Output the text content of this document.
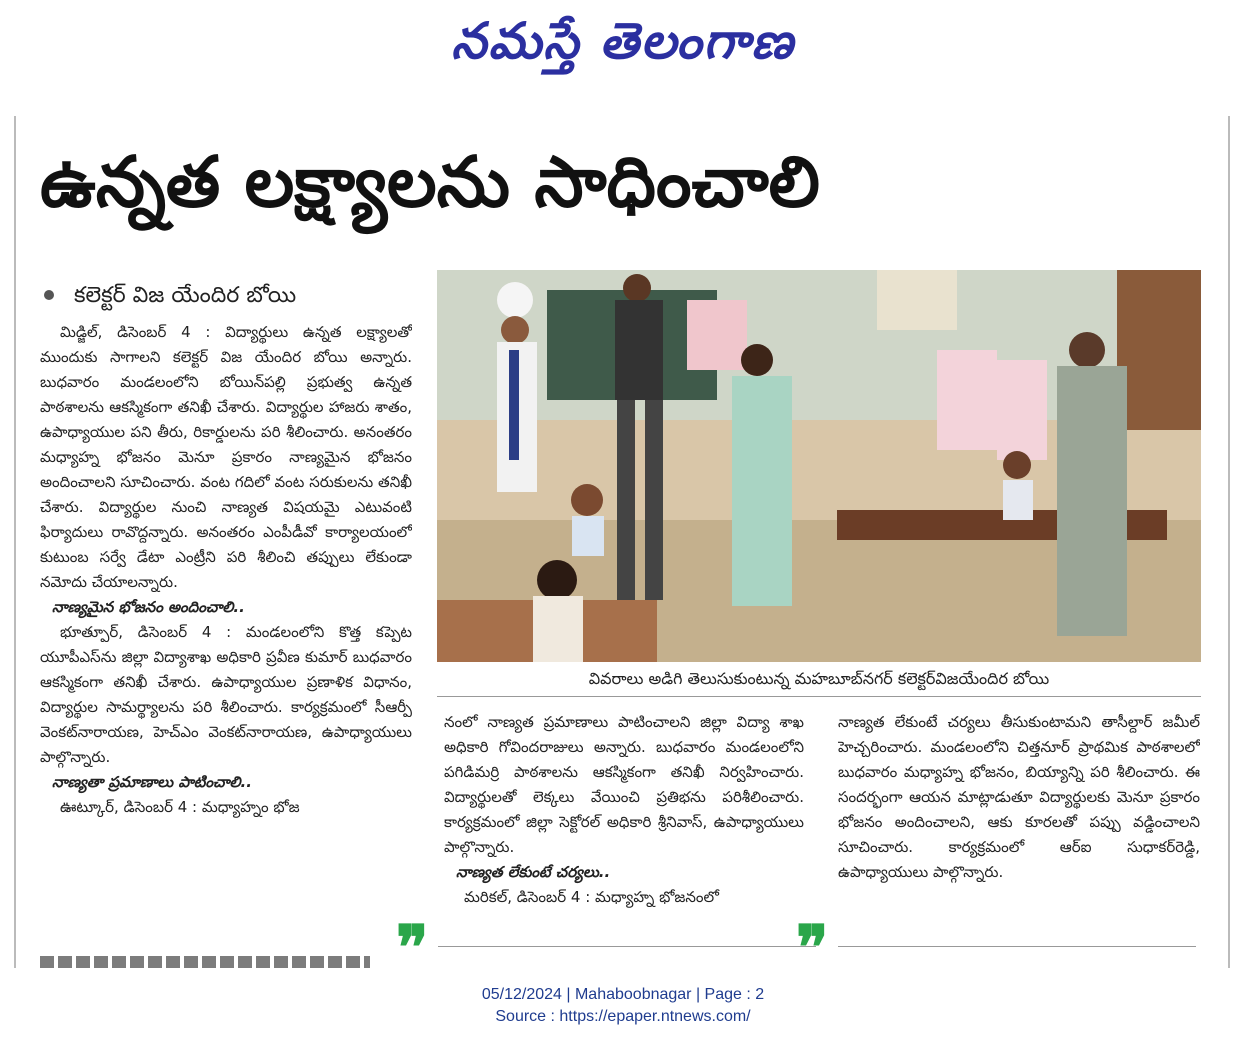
నమస్తే తెలంగాణ
ఉన్నత లక్ష్యాలను సాధించాలి
కలెక్టర్ విజ యేందిర బోయి

మిడ్జిల్, డిసెంబర్ 4 : విద్యార్థులు ఉన్నత లక్ష్యాలతో ముందుకు సాగాలని కలెక్టర్ విజ యేందిర బోయి అన్నారు. బుధవారం మండలంలోని బోయిన్‌పల్లి ప్రభుత్వ ఉన్నత పాఠశాలను ఆకస్మికంగా తనిఖీ చేశారు. విద్యార్థుల హాజరు శాతం, ఉపాధ్యాయుల పని తీరు, రికార్డులను పరి శీలించారు. అనంతరం మధ్యాహ్న భోజనం మెనూ ప్రకారం నాణ్యమైన భోజనం అందించాలని సూచించారు. వంట గదిలో వంట సరుకులను తనిఖీ చేశారు. విద్యార్థుల నుంచి నాణ్యత విషయమై ఎటువంటి ఫిర్యాదులు రావొద్దన్నారు. అనంతరం ఎంపీడీవో కార్యాలయంలో కుటుంబ సర్వే డేటా ఎంట్రీని పరి శీలించి తప్పులు లేకుండా నమోదు చేయాలన్నారు.

నాణ్యమైన భోజనం అందించాలి..

భూత్పూర్, డిసెంబర్ 4 : మండలంలోని కొత్త కప్పెట యూపీఎస్‌ను జిల్లా విద్యాశాఖ అధికారి ప్రవీణ కుమార్ బుధవారం ఆకస్మికంగా తనిఖీ చేశారు. ఉపాధ్యాయుల ప్రణాళిక విధానం, విద్యార్థుల సామర్థ్యాలను పరి శీలించారు. కార్యక్రమంలో సీఆర్పీ వెంకట్‌నారాయణ, హెచ్‌ఎం వెంకట్‌నారాయణ, ఉపాధ్యాయులు పాల్గొన్నారు.

నాణ్యతా ప్రమాణాలు పాటించాలి..

ఊట్కూర్, డిసెంబర్ 4 : మధ్యాహ్నం భోజ

వివరాలు అడిగి తెలుసుకుంటున్న మహబూబ్‌నగర్ కలెక్టర్‌విజయేందిర బోయి

నంలో నాణ్యత ప్రమాణాలు పాటించాలని జిల్లా విద్యా శాఖ అధికారి గోవిందరాజులు అన్నారు. బుధవారం మండలంలోని పగిడిమర్రి పాఠశాలను ఆకస్మికంగా తనిఖీ నిర్వహించారు. విద్యార్థులతో లెక్కలు వేయించి ప్రతిభను పరిశీలించారు. కార్యక్రమంలో జిల్లా సెక్టోరల్ అధికారి శ్రీనివాస్, ఉపాధ్యాయులు పాల్గొన్నారు.

నాణ్యత లేకుంటే చర్యలు..

మరికల్, డిసెంబర్ 4 : మధ్యాహ్న భోజనంలో

నాణ్యత లేకుంటే చర్యలు తీసుకుంటామని తాసీల్దార్ జమీల్ హెచ్చరించారు. మండలంలోని చిత్తనూర్ ప్రాథమిక పాఠశాలలో బుధవారం మధ్యాహ్న భోజనం, బియ్యాన్ని పరి శీలించారు. ఈ సందర్భంగా ఆయన మాట్లాడుతూ విద్యార్థులకు మెనూ ప్రకారం భోజనం అందించాలని, ఆకు కూరలతో పప్పు వడ్డించాలని సూచించారు. కార్యక్రమంలో ఆర్‌ఐ సుధాకర్‌రెడ్డి, ఉపాధ్యాయులు పాల్గొన్నారు.

❞	❞
05/12/2024 | Mahaboobnagar | Page : 2
Source : https://epaper.ntnews.com/
